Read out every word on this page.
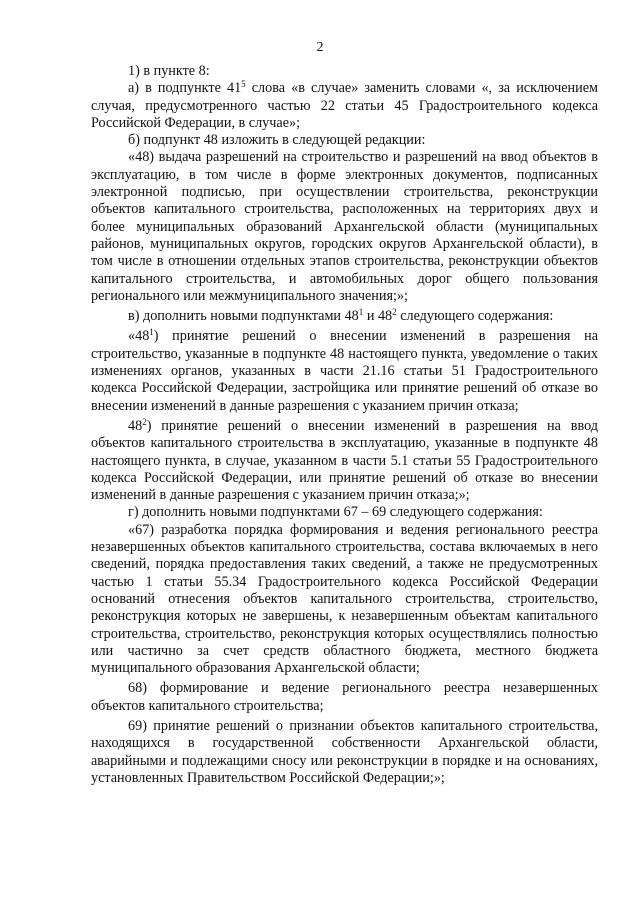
2

1) в пункте 8:

а) в подпункте $41^5$ слова «в случае» заменить словами «, за исключением случая, предусмотренного частью 22 статьи 45 Градостроительного кодекса Российской Федерации, в случае»;

б) подпункт 48 изложить в следующей редакции:

«48) выдача разрешений на строительство и разрешений на ввод объектов в эксплуатацию, в том числе в форме электронных документов, подписанных электронной подписью, при осуществлении строительства, реконструкции объектов капитального строительства, расположенных на территориях двух и более муниципальных образований Архангельской области (муниципальных районов, муниципальных округов, городских округов Архангельской области), в том числе в отношении отдельных этапов строительства, реконструкции объектов капитального строительства, и автомобильных дорог общего пользования регионального или межмуниципального значения;»;

в) дополнить новыми подпунктами $48^1$ и $48^2$ следующего содержания:

«$48^1$) принятие решений о внесении изменений в разрешения на строительство, указанные в подпункте 48 настоящего пункта, уведомление о таких изменениях органов, указанных в части 21.16 статьи 51 Градостроительного кодекса Российской Федерации, застройщика или принятие решений об отказе во внесении изменений в данные разрешения с указанием причин отказа;

$48^2$) принятие решений о внесении изменений в разрешения на ввод объектов капитального строительства в эксплуатацию, указанные в подпункте 48 настоящего пункта, в случае, указанном в части 5.1 статьи 55 Градостроительного кодекса Российской Федерации, или принятие решений об отказе во внесении изменений в данные разрешения с указанием причин отказа;»;

г) дополнить новыми подпунктами 67 – 69 следующего содержания:

«67) разработка порядка формирования и ведения регионального реестра незавершенных объектов капитального строительства, состава включаемых в него сведений, порядка предоставления таких сведений, а также не предусмотренных частью 1 статьи 55.34 Градостроительного кодекса Российской Федерации оснований отнесения объектов капитального строительства, строительство, реконструкция которых не завершены, к незавершенным объектам капитального строительства, строительство, реконструкция которых осуществлялись полностью или частично за счет средств областного бюджета, местного бюджета муниципального образования Архангельской области;

68) формирование и ведение регионального реестра незавершенных объектов капитального строительства;

69) принятие решений о признании объектов капитального строительства, находящихся в государственной собственности Архангельской области, аварийными и подлежащими сносу или реконструкции в порядке и на основаниях, установленных Правительством Российской Федерации;»;
